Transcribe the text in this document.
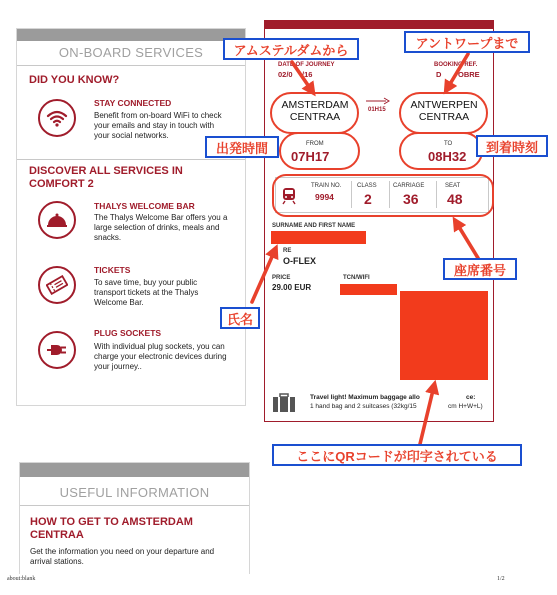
ON-BOARD SERVICES
DID YOU KNOW?
STAY CONNECTED
Benefit from on-board WiFi to check
your emails and stay in touch with
your social networks.
DISCOVER ALL SERVICES IN
COMFORT 2
THALYS WELCOME BAR
The Thalys Welcome Bar offers you a
large selection of drinks, meals and
snacks.
TICKETS
To save time, buy your public
transport tickets at the Thalys
Welcome Bar.
PLUG SOCKETS
With individual plug sockets, you can
charge your electronic devices during
your journey..
USEFUL INFORMATION
HOW TO GET TO AMSTERDAM
CENTRAA
Get the information you need on your departure and
arrival stations.
DATE OF JOURNEY
02/0 /16
BOOKING REF.
D OBRE
AMSTERDAM
CENTRAA
01H15	ANTWERPEN
CENTRAA
FROM
07H17
TO
08H32
TRAIN NO.
9994
CLASS
2
CARRIAGE
36
SEAT
48
SURNAME AND FIRST NAME
RE
O-FLEX
PRICE
29.00 EUR
TCN/WIFI
Travel light! Maximum baggage allo	ce:
1 hand bag and 2 suitcases (32kg/15	cm H+W+L)
アムステルダムから	アントワープまで
出発時間	到着時刻
座席番号
氏名
ここにQRコードが印字されている
about:blank	1/2
